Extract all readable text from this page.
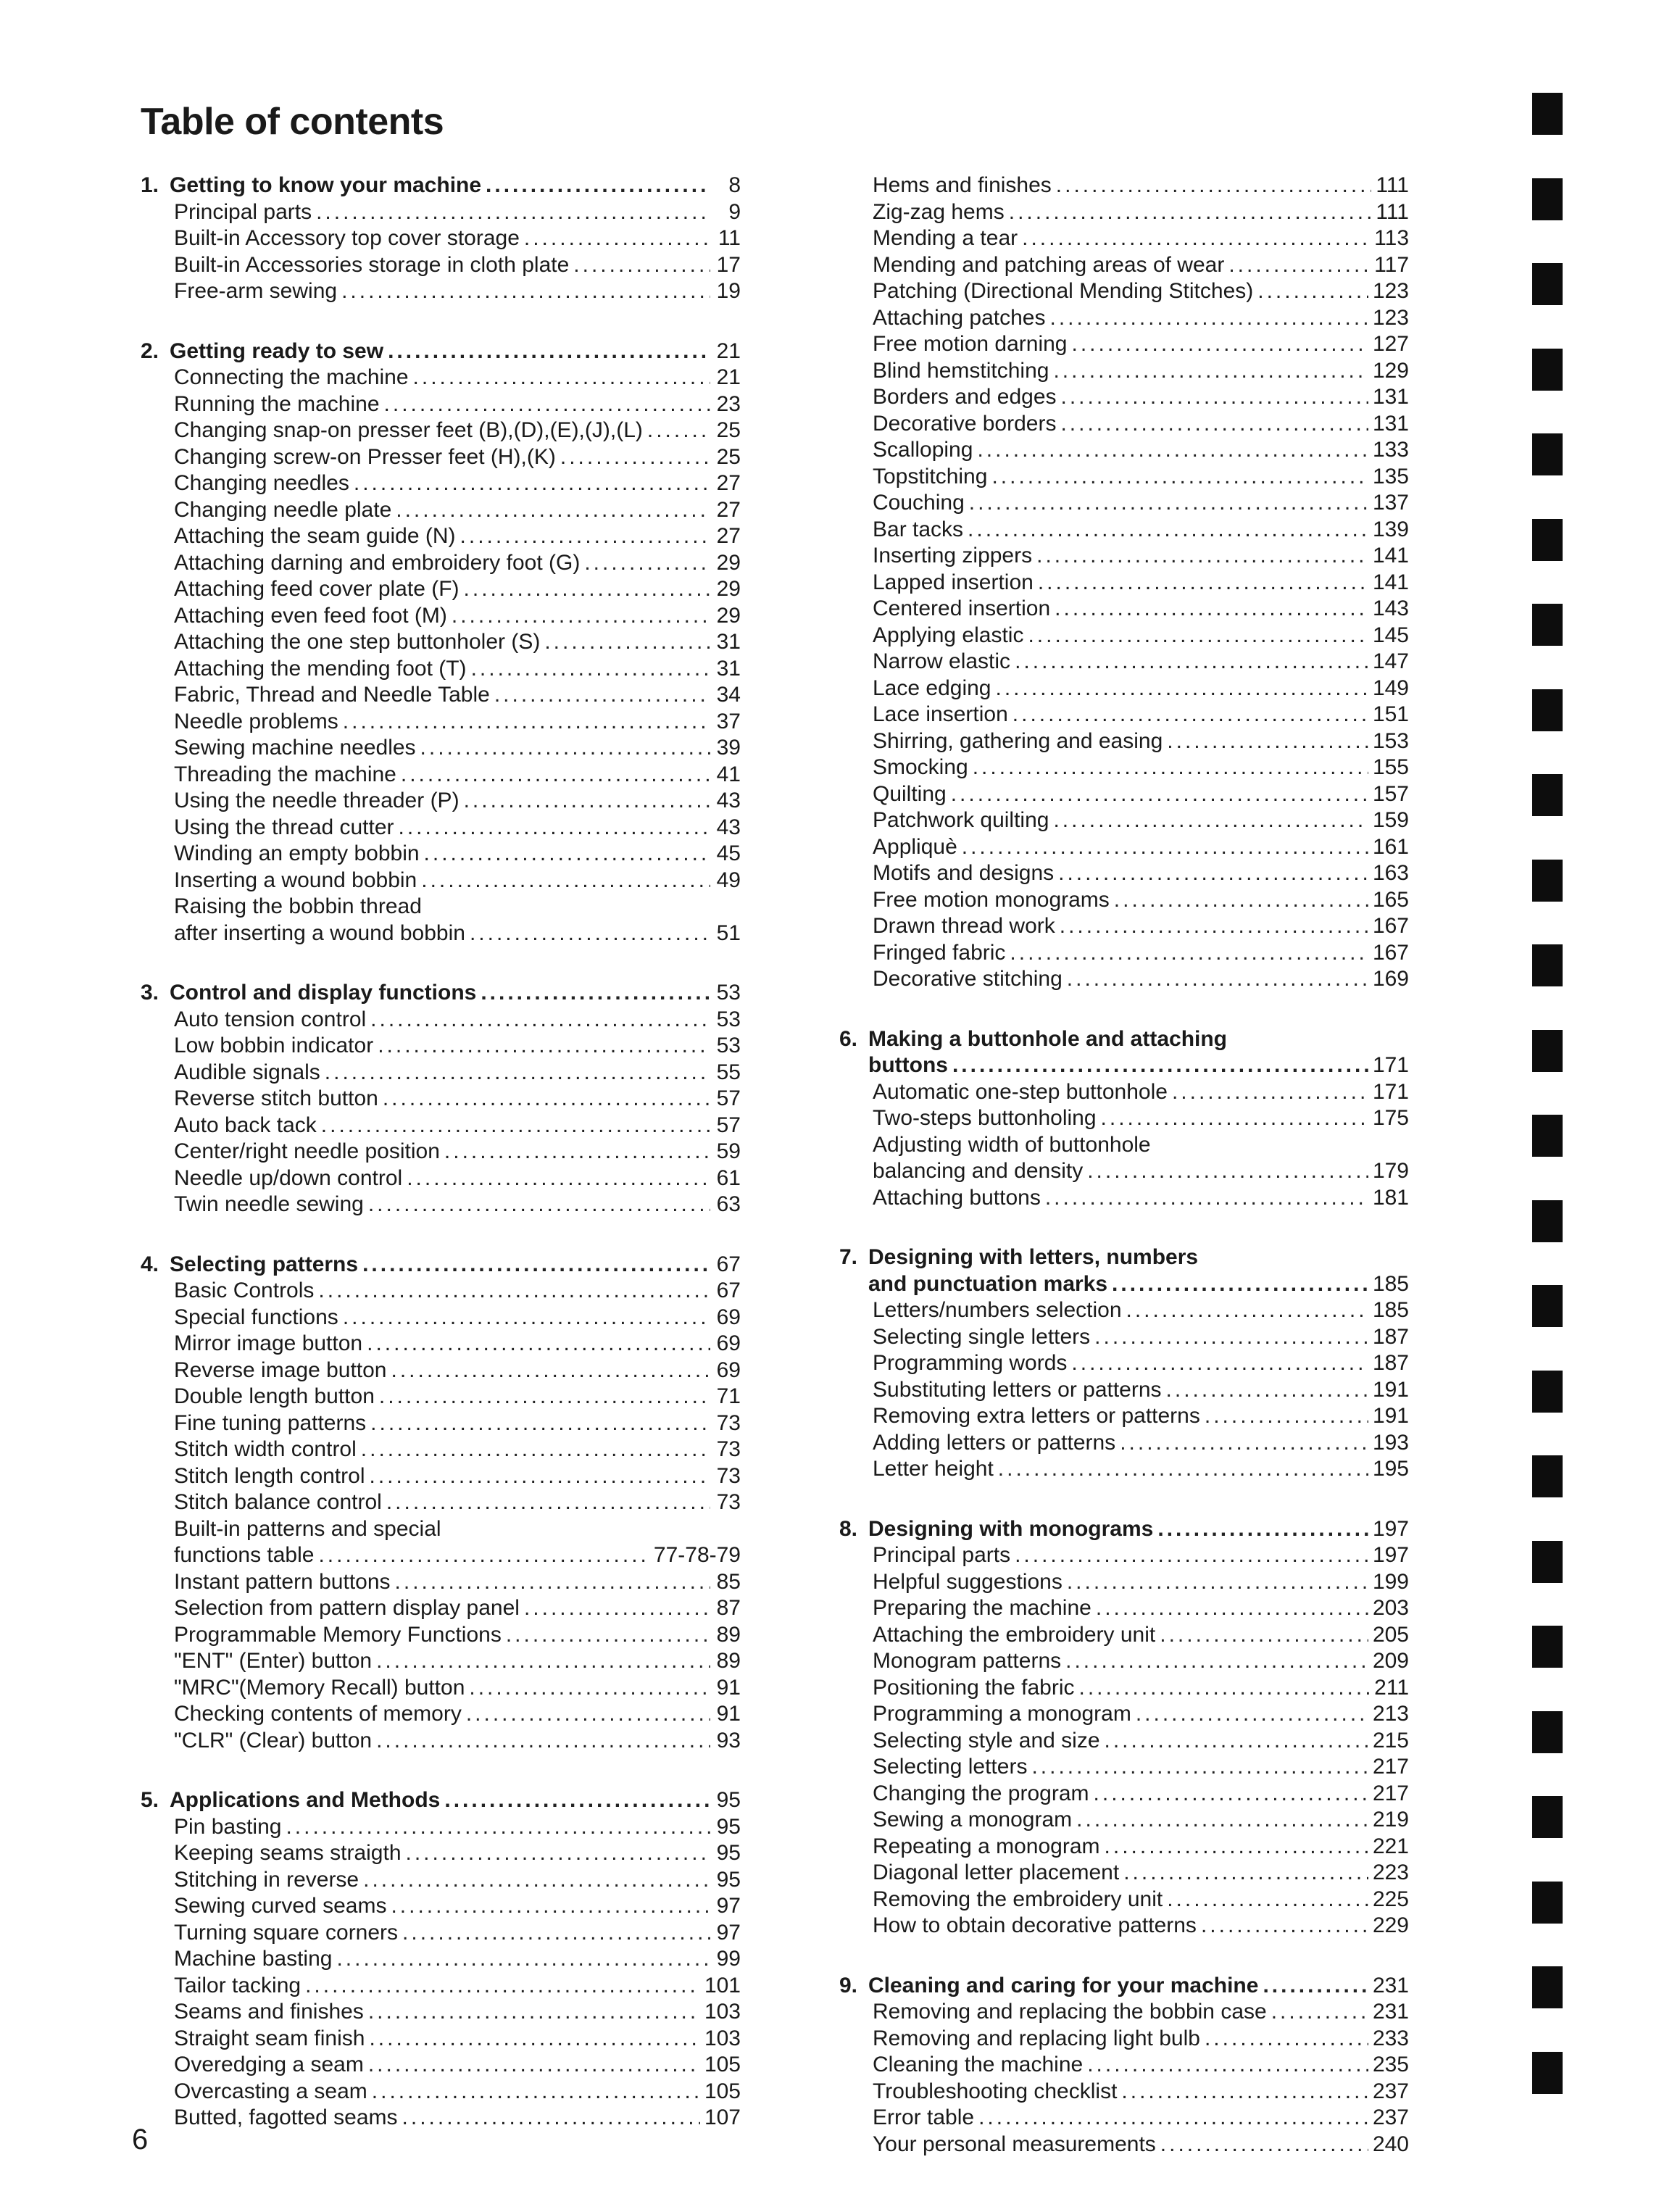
Table of contents
1. Getting to know your machine .....	8
Principal parts .....	9
Built-in Accessory top cover storage .....	11
Built-in Accessories storage in cloth plate .....	17
Free-arm sewing .....	19
2. Getting ready to sew .....	21
Connecting the machine .....	21
Running the machine .....	23
Changing snap-on presser feet (B),(D),(E),(J),(L) .....	25
Changing screw-on Presser feet (H),(K) .....	25
Changing needles .....	27
Changing needle plate .....	27
Attaching the seam guide (N) .....	27
Attaching darning and embroidery foot (G) .....	29
Attaching feed cover plate (F) .....	29
Attaching even feed foot (M) .....	29
Attaching the one step buttonholer (S) .....	31
Attaching the mending foot (T) .....	31
Fabric, Thread and Needle Table .....	34
Needle problems .....	37
Sewing machine needles .....	39
Threading the machine .....	41
Using the needle threader (P) .....	43
Using the thread cutter .....	43
Winding an empty bobbin .....	45
Inserting a wound bobbin .....	49
Raising the bobbin thread
after inserting a wound bobbin .....	51
3. Control and display functions .....	53
Auto tension control .....	53
Low bobbin indicator .....	53
Audible signals .....	55
Reverse stitch button .....	57
Auto back tack .....	57
Center/right needle position .....	59
Needle up/down control .....	61
Twin needle sewing .....	63
4. Selecting patterns .....	67
Basic Controls .....	67
Special functions .....	69
Mirror image button .....	69
Reverse image button .....	69
Double length button .....	71
Fine tuning patterns .....	73
Stitch width control .....	73
Stitch length control .....	73
Stitch balance control .....	73
Built-in patterns and special
functions table .....	77-78-79
Instant pattern buttons .....	85
Selection from pattern display panel .....	87
Programmable Memory Functions .....	89
"ENT" (Enter) button .....	89
"MRC"(Memory Recall) button .....	91
Checking contents of memory .....	91
"CLR" (Clear) button .....	93
5. Applications and Methods .....	95
Pin basting .....	95
Keeping seams straigth .....	95
Stitching in reverse .....	95
Sewing curved seams .....	97
Turning square corners .....	97
Machine basting .....	99
Tailor tacking .....	101
Seams and finishes .....	103
Straight seam finish .....	103
Overedging a seam .....	105
Overcasting a seam .....	105
Butted, fagotted seams .....	107
Hems and finishes .....	111
Zig-zag hems .....	111
Mending a tear .....	113
Mending and patching areas of wear .....	117
Patching (Directional Mending Stitches) .....	123
Attaching patches .....	123
Free motion darning .....	127
Blind hemstitching .....	129
Borders and edges .....	131
Decorative borders .....	131
Scalloping .....	133
Topstitching .....	135
Couching .....	137
Bar tacks .....	139
Inserting zippers .....	141
Lapped insertion .....	141
Centered insertion .....	143
Applying elastic .....	145
Narrow elastic .....	147
Lace edging .....	149
Lace insertion .....	151
Shirring, gathering and easing .....	153
Smocking .....	155
Quilting .....	157
Patchwork quilting .....	159
Appliquè .....	161
Motifs and designs .....	163
Free motion monograms .....	165
Drawn thread work .....	167
Fringed fabric .....	167
Decorative stitching .....	169
6. Making a buttonhole and attaching
buttons .....	171
Automatic one-step buttonhole .....	171
Two-steps buttonholing .....	175
Adjusting width of buttonhole
balancing and density .....	179
Attaching buttons .....	181
7. Designing with letters, numbers
and punctuation marks .....	185
Letters/numbers selection .....	185
Selecting single letters .....	187
Programming words .....	187
Substituting letters or patterns .....	191
Removing extra letters or patterns .....	191
Adding letters or patterns .....	193
Letter height .....	195
8. Designing with monograms .....	197
Principal parts .....	197
Helpful suggestions .....	199
Preparing the machine .....	203
Attaching the embroidery unit .....	205
Monogram patterns .....	209
Positioning the fabric .....	211
Programming a monogram .....	213
Selecting style and size .....	215
Selecting letters .....	217
Changing the program .....	217
Sewing a monogram .....	219
Repeating a monogram .....	221
Diagonal letter placement .....	223
Removing the embroidery unit .....	225
How to obtain decorative patterns .....	229
9. Cleaning and caring for your machine .....	231
Removing and replacing the bobbin case .....	231
Removing and replacing light bulb .....	233
Cleaning the machine .....	235
Troubleshooting checklist .....	237
Error table .....	237
Your personal measurements .....	240
6
